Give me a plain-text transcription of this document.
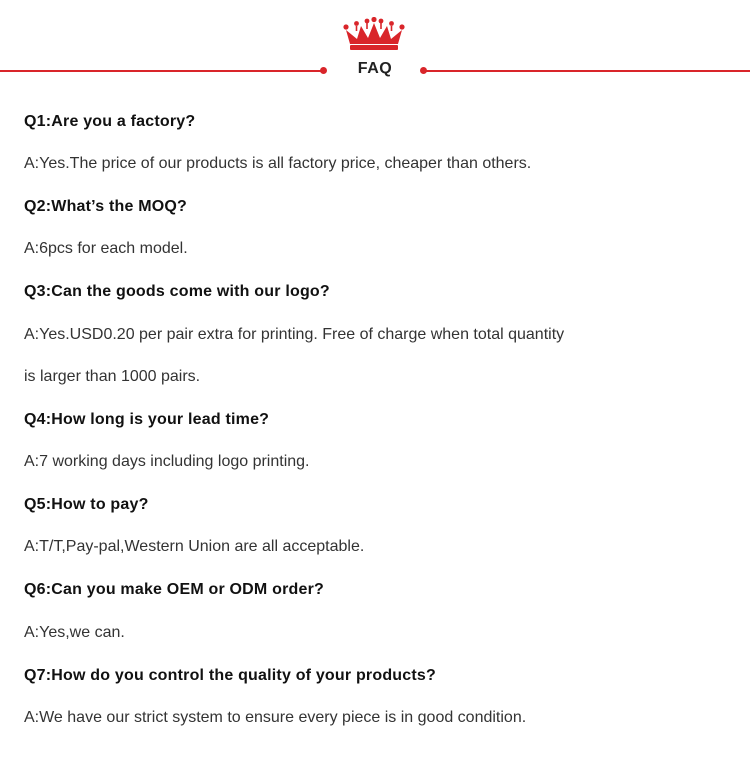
FAQ
Q1:Are you a factory?
A:Yes.The price of our products is all factory price, cheaper than others.
Q2:What’s the MOQ?
A:6pcs for each model.
Q3:Can the goods come with our logo?
A:Yes.USD0.20 per pair extra for printing. Free of charge when total quantity
is larger than 1000 pairs.
Q4:How long is your lead time?
A:7 working days including logo printing.
Q5:How to pay?
A:T/T,Pay-pal,Western Union are all acceptable.
Q6:Can you make OEM or ODM order?
A:Yes,we can.
Q7:How do you control the quality of your products?
A:We have our strict system to ensure every piece is in good condition.
